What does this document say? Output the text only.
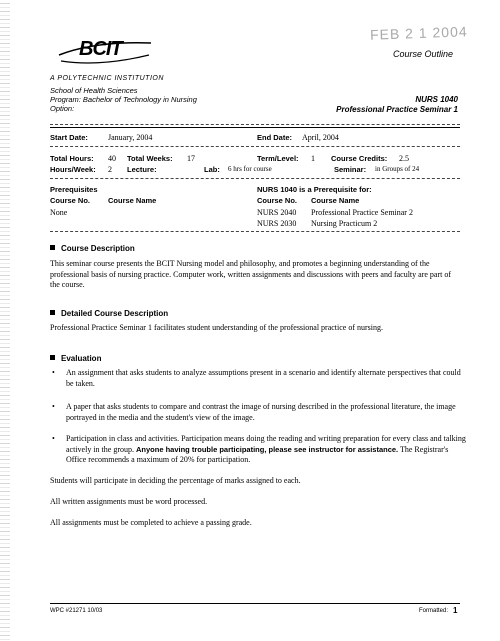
FEB 2 1 2004
Course Outline
BCIT
A POLYTECHNIC INSTITUTION
School of Health Sciences
Program: Bachelor of Technology in Nursing
Option:
NURS 1040
Professional Practice Seminar 1
Start Date:	January, 2004	End Date: April, 2004
Total Hours: 40 Total Weeks: 17	Term/Level: 1 Course Credits: 2.5
Hours/Week: 2 Lecture:	Lab: 6 hrs for course	Seminar: in Groups of 24
Prerequisites
Course No. Course Name
None
NURS 1040 is a Prerequisite for:
Course No. Course Name
NURS 2040 Professional Practice Seminar 2
NURS 2030 Nursing Practicum 2
Course Description
This seminar course presents the BCIT Nursing model and philosophy, and promotes a beginning understanding of the professional basis of nursing practice. Computer work, written assignments and discussions with peers and faculty are part of the course.
Detailed Course Description
Professional Practice Seminar 1 facilitates student understanding of the professional practice of nursing.
Evaluation
• An assignment that asks students to analyze assumptions present in a scenario and identify alternate perspectives that could be taken.
• A paper that asks students to compare and contrast the image of nursing described in the professional literature, the image portrayed in the media and the student's view of the image.
• Participation in class and activities. Participation means doing the reading and writing preparation for every class and talking actively in the group. Anyone having trouble participating, please see instructor for assistance. The Registrar's Office recommends a maximum of 20% for participation.
Students will participate in deciding the percentage of marks assigned to each.
All written assignments must be word processed.
All assignments must be completed to achieve a passing grade.
WPC #21271 10/03	Formatted: 1
